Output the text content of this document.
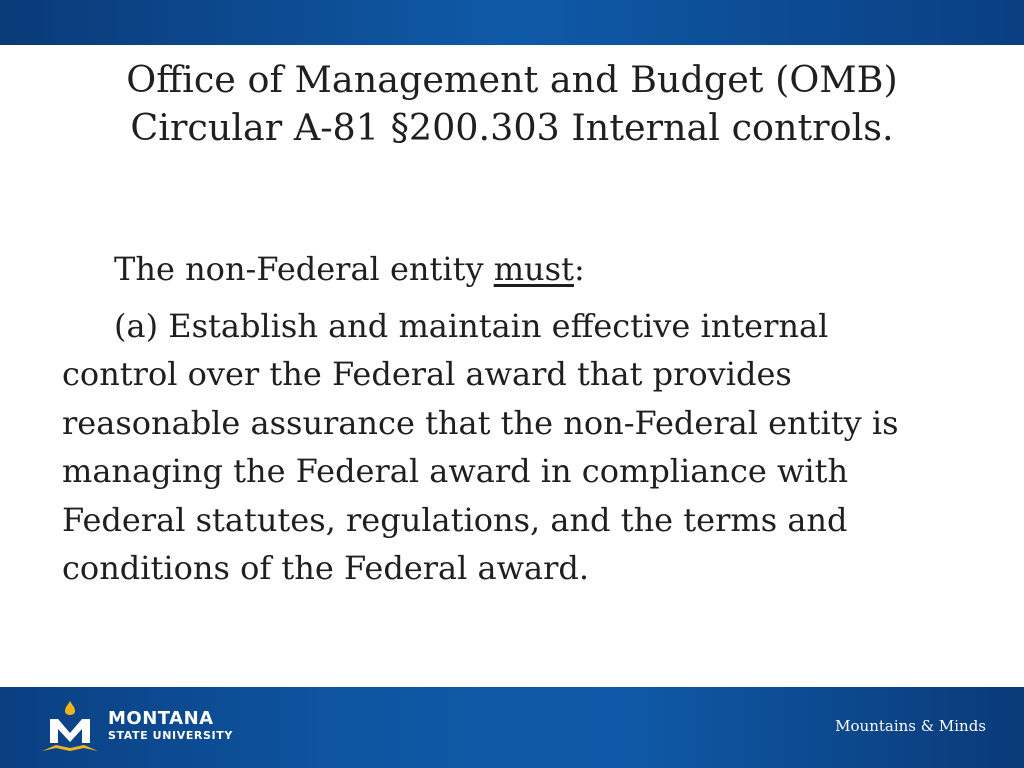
Office of Management and Budget (OMB)
Circular A-81 §200.303 Internal controls.
The non-Federal entity must:
(a) Establish and maintain effective internal
control over the Federal award that provides
reasonable assurance that the non-Federal entity is
managing the Federal award in compliance with
Federal statutes, regulations, and the terms and
conditions of the Federal award.
MONTANA
STATE UNIVERSITY
Mountains & Minds
